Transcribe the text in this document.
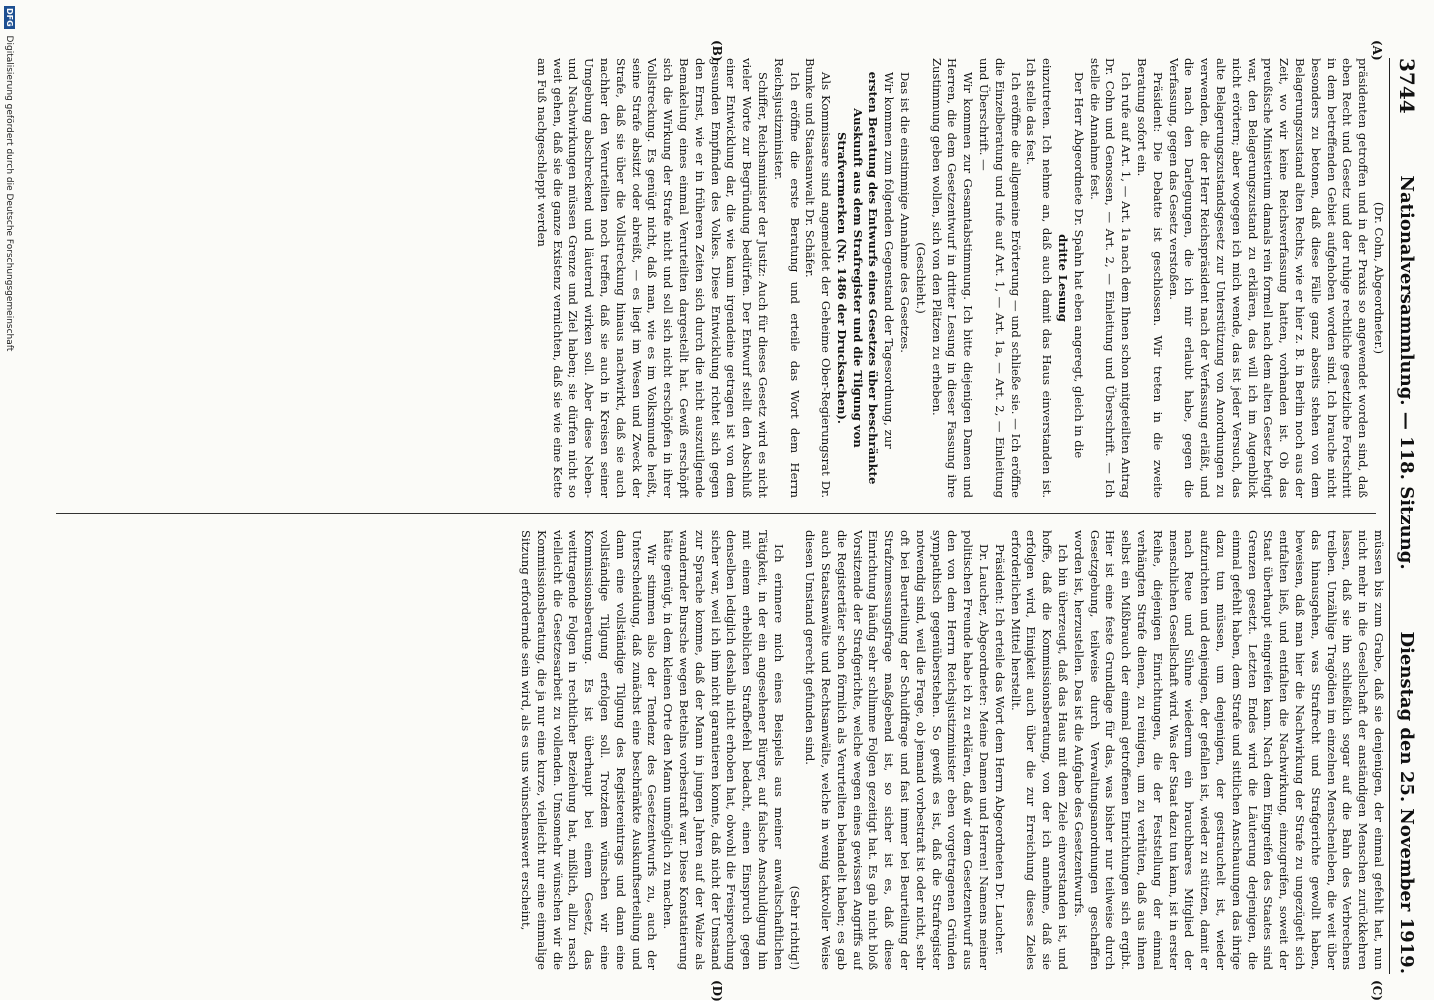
3744
Nationalversammlung. — 118. Sitzung.
Dienstag den 25. November 1919.
(A)
(B)
(C)
(D)

(Dr. Cohn, Abgeordneter.)

präsidenten getroffen und in der Praxis so angewendet worden sind, daß eben Recht und Gesetz und der ruhige rechtliche gesetzliche Fortschritt in dem betreffenden Gebiet aufgehoben worden sind. Ich brauche nicht besonders zu betonen, daß diese Fälle ganz abseits stehen von dem Belagerungszustand alten Rechts, wie er hier z. B. in Berlin noch aus der Zeit, wo wir keine Reichsverfassung hatten, vorhanden ist. Ob das preußische Ministerium damals rein formell nach dem alten Gesetz befugt war, den Belagerungszustand zu erklären, das will ich im Augenblick nicht erörtern; aber wogegen ich mich wende, das ist jeder Versuch, das alte Belagerungszustandsgesetz zur Unterstützung von Anordnungen zu verwenden, die der Herr Reichspräsident nach der Verfassung erläßt, und die nach den Darlegungen, die ich mir erlaubt habe, gegen die Verfassung, gegen das Gesetz verstoßen.

Präsident: Die Debatte ist geschlossen. Wir treten in die zweite Beratung sofort ein.

Ich rufe auf Art. 1, — Art. 1a nach dem Ihnen schon mitgeteilten Antrag Dr. Cohn und Genossen, — Art. 2, — Einleitung und Überschrift. — Ich stelle die Annahme fest.

Der Herr Abgeordnete Dr. Spahn hat eben angeregt, gleich in die

dritte Lesung

einzutreten. Ich nehme an, daß auch damit das Haus einverstanden ist. Ich stelle das fest.

Ich eröffne die allgemeine Erörterung — und schließe sie. — Ich eröffne die Einzelberatung und rufe auf Art. 1, — Art. 1a, — Art. 2, — Einleitung und Überschrift. —

Wir kommen zur Gesamtabstimmung. Ich bitte diejenigen Damen und Herren, die dem Gesetzentwurf in dritter Lesung in dieser Fassung ihre Zustimmung geben wollen, sich von den Plätzen zu erheben.

(Geschieht.)

Das ist die einstimmige Annahme des Gesetzes.

Wir kommen zum folgenden Gegenstand der Tagesordnung, zur

ersten Beratung des Entwurfs eines Gesetzes über beschränkte Auskunft aus dem Strafregister und die Tilgung von Strafvermerken (Nr. 1486 der Drucksachen).

Als Kommissare sind angemeldet der Geheime Ober-Regierungsrat Dr. Bumke und Staatsanwalt Dr. Schäfer.

Ich eröffne die erste Beratung und erteile das Wort dem Herrn Reichsjustizminister.

Schiffer, Reichsminister der Justiz: Auch für dieses Gesetz wird es nicht vieler Worte zur Begründung bedürfen. Der Entwurf stellt den Abschluß einer Entwicklung dar, die wie kaum irgendeine getragen ist von dem gesunden Empfinden des Volkes. Diese Entwicklung richtet sich gegen den Ernst, wie er in früheren Zeiten sich durch die nicht auszutilgende Bemakelung eines einmal Verurteilten dargestellt hat. Gewiß erschöpft sich die Wirkung der Strafe nicht und soll sich nicht erschöpfen in ihrer Vollstreckung. Es genügt nicht, daß man, wie es im Volksmunde heißt, seine Strafe absitzt oder abreißt, — es liegt im Wesen und Zweck der Strafe, daß sie über die Vollstreckung hinaus nachwirkt, daß sie auch nachher den Verurteilten noch treffen, daß sie auch in Kreisen seiner Umgebung abschreckend und läuternd wirken soll. Aber diese Neben- und Nachwirkungen müssen Grenze und Ziel haben; sie dürfen nicht so weit gehen, daß sie die ganze Existenz vernichten, daß sie wie eine Kette am Fuß nachgeschleppt werden

müssen bis zum Grabe, daß sie denjenigen, der einmal gefehlt hat, nun nicht mehr in die Gesellschaft der anständigen Menschen zurückkehren lassen, daß sie ihn schließlich sogar auf die Bahn des Verbrechens treiben. Unzählige Tragödien im einzelnen Menschenleben, die weit über das hinausgehen, was Strafrecht und Strafgerichte gewollt haben, beweisen, daß man hier die Nachwirkung der Strafe zu ungezügelt sich entfalten ließ, und entfalten die Nachwirkung, einzugreifen, soweit der Staat überhaupt eingreifen kann. Nach dem Eingreifen des Staates sind Grenzen gesetzt. Letzten Endes wird die Läuterung derjenigen, die einmal gefehlt haben, dem Strafe und sittlichen Anschauungen das ihrige dazu tun müssen, um denjenigen, der gestrauchelt ist, wieder aufzurichten und denjenigen, der gefallen ist, wieder zu stützen, damit er nach Reue und Sühne wiederum ein brauchbares Mitglied der menschlichen Gesellschaft wird. Was der Staat dazu tun kann, ist in erster Reihe, diejenigen Einrichtungen, die der Feststellung der einmal verhängten Strafe dienen, zu reinigen, um zu verhüten, daß aus ihnen selbst ein Mißbrauch der einmal getroffenen Einrichtungen sich ergibt. Hier ist eine feste Grundlage für das, was bisher nur teilweise durch Gesetzgebung, teilweise durch Verwaltungsanordnungen geschaffen worden ist, herzustellen. Das ist die Aufgabe des Gesetzentwurfs.

Ich bin überzeugt, daß das Haus mit dem Ziele einverstanden ist, und hoffe, daß die Kommissionsberatung, von der ich annehme, daß sie erfolgen wird, Einigkeit auch über die zur Erreichung dieses Zieles erforderlichen Mittel herstellt.

Präsident: Ich erteile das Wort dem Herrn Abgeordneten Dr. Laucher.

Dr. Laucher, Abgeordneter: Meine Damen und Herren! Namens meiner politischen Freunde habe ich zu erklären, daß wir dem Gesetzentwurf aus den von dem Herrn Reichsjustizminister eben vorgetragenen Gründen sympathisch gegenüberstehen. So gewiß es ist, daß die Strafregister notwendig sind, weil die Frage, ob jemand vorbestraft ist oder nicht, sehr oft bei Beurteilung der Schuldfrage und fast immer bei Beurteilung der Strafzumessungsfrage maßgebend ist, so sicher ist es, daß diese Einrichtung häufig sehr schlimme Folgen gezeitigt hat. Es gab nicht bloß Vorsitzende der Strafgerichte, welche wegen eines gewissen Angriffs auf die Registertäter schon förmlich als Verurteilten behandelt haben; es gab auch Staatsanwälte und Rechtsanwälte, welche in wenig taktvoller Weise diesen Umstand gerecht gefunden sind.

(Sehr richtig!)

Ich erinnere mich eines Beispiels aus meiner anwaltschaftlichen Tätigkeit, in der ein angesehener Bürger, auf falsche Anschuldigung hin mit einem erheblichen Strafbefehl bedacht, einen Einspruch gegen denselben lediglich deshalb nicht erhoben hat, obwohl die Freisprechung sicher war, weil ich ihm nicht garantieren konnte, daß nicht der Umstand zur Sprache komme, daß der Mann in jungen Jahren auf der Walze als wandernder Bursche wegen Bettelns vorbestraft war. Diese Konstatierung hätte genügt, in dem kleinen Orte den Mann unmöglich zu machen.

Wir stimmen also der Tendenz des Gesetzentwurfs zu, auch der Unterscheidung, daß zunächst eine beschränkte Auskunftserteilung und dann eine vollständige Tilgung des Registereintrags und dann eine vollständige Tilgung erfolgen soll. Trotzdem wünschen wir eine Kommissionsberatung. Es ist überhaupt bei einem Gesetz, das weittragende Folgen in rechtlicher Beziehung hat, mißlich, allzu rasch vielleicht die Gesetzesarbeit zu vollenden. Umsomehr wünschen wir die Kommissionsberatung, die ja nur eine kurze, vielleicht nur eine einmalige Sitzung erfordernde sein wird, als es uns wünschenswert erscheint,

DFG Digitalisierung gefördert durch die Deutsche Forschungsgemeinschaft
